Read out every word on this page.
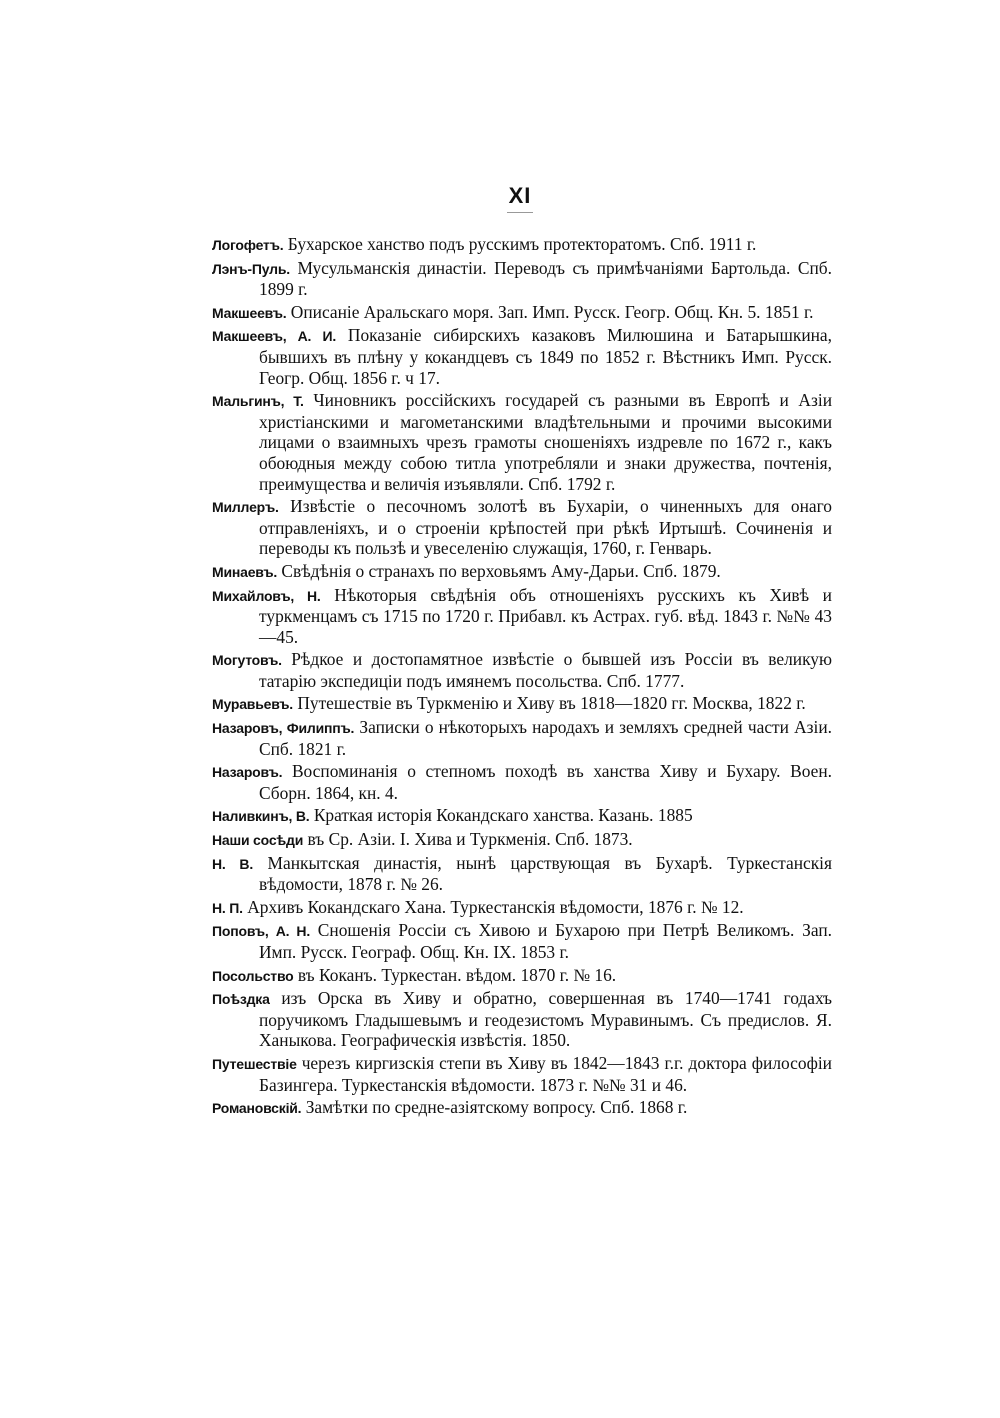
XI
Логофетъ. Бухарское ханство подъ русскимъ протекторатомъ. Спб. 1911 г.
Лэнъ-Пуль. Мусульманскія династіи. Переводъ съ примѣчаніями Бартольда. Спб. 1899 г.
Макшеевъ. Описаніе Аральскаго моря. Зап. Имп. Русск. Геогр. Общ. Кн. 5. 1851 г.
Макшеевъ, А. И. Показаніе сибирскихъ казаковъ Милюшина и Батарышкина, бывшихъ въ плѣну у кокандцевъ съ 1849 по 1852 г. Вѣстникъ Имп. Русск. Геогр. Общ. 1856 г. ч 17.
Мальгинъ, Т. Чиновникъ россійскихъ государей съ разными въ Европѣ и Азіи христіанскими и магометанскими владѣтельными и прочими высокими лицами о взаимныхъ чрезъ грамоты сношеніяхъ издревле по 1672 г., какъ обоюдныя между собою титла употребляли и знаки дружества, почтенія, преимущества и величія изъявляли. Спб. 1792 г.
Миллеръ. Извѣстіе о песочномъ золотѣ въ Бухаріи, о чиненныхъ для онаго отправленіяхъ, и о строеніи крѣпостей при рѣкѣ Иртышѣ. Сочиненія и переводы къ пользѣ и увеселенію служащія, 1760, г. Генварь.
Минаевъ. Свѣдѣнія о странахъ по верховьямъ Аму-Дарьи. Спб. 1879.
Михайловъ, Н. Нѣкоторыя свѣдѣнія объ отношеніяхъ русскихъ къ Хивѣ и туркменцамъ съ 1715 по 1720 г. Прибавл. къ Астрах. губ. вѣд. 1843 г. №№ 43—45.
Могутовъ. Рѣдкое и достопамятное извѣстіе о бывшей изъ Россіи въ великую татарію экспедиціи подъ имянемъ посольства. Спб. 1777.
Муравьевъ. Путешествіе въ Туркменію и Хиву въ 1818—1820 гг. Москва, 1822 г.
Назаровъ, Филиппъ. Записки о нѣкоторыхъ народахъ и земляхъ средней части Азіи. Спб. 1821 г.
Назаровъ. Воспоминанія о степномъ походѣ въ ханства Хиву и Бухару. Воен. Сборн. 1864, кн. 4.
Наливкинъ, В. Краткая исторія Кокандскаго ханства. Казань. 1885
Наши сосѣди въ Ср. Азіи. I. Хива и Туркменія. Спб. 1873.
Н. В. Манкытская династія, нынѣ царствующая въ Бухарѣ. Туркестанскія вѣдомости, 1878 г. № 26.
Н. П. Архивъ Кокандскаго Хана. Туркестанскія вѣдомости, 1876 г. № 12.
Поповъ, А. Н. Сношенія Россіи съ Хивою и Бухарою при Петрѣ Великомъ. Зап. Имп. Русск. Географ. Общ. Кн. IX. 1853 г.
Посольство въ Коканъ. Туркестан. вѣдом. 1870 г. № 16.
Поѣздка изъ Орска въ Хиву и обратно, совершенная въ 1740—1741 годахъ поручикомъ Гладышевымъ и геодезистомъ Муравинымъ. Съ предислов. Я. Ханыкова. Географическія извѣстія. 1850.
Путешествіе черезъ киргизскія степи въ Хиву въ 1842—1843 г.г. доктора философіи Базингера. Туркестанскія вѣдомости. 1873 г. №№ 31 и 46.
Романовскій. Замѣтки по средне-азіятскому вопросу. Спб. 1868 г.
